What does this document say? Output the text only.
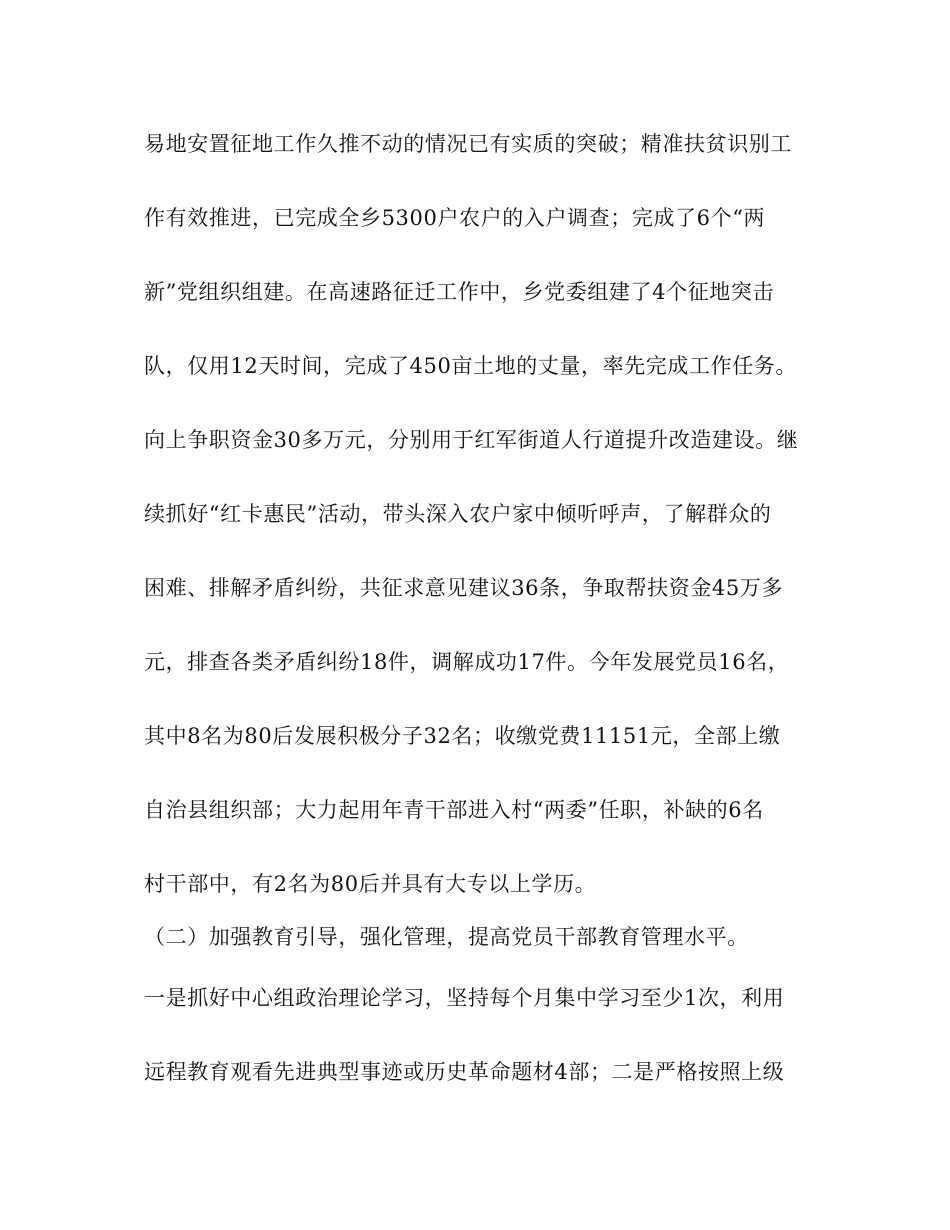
易地安置征地工作久推不动的情况已有实质的突破；精准扶贫识别工
作有效推进，已完成全乡5300户农户的入户调查；完成了6个“两
新”党组织组建。在高速路征迁工作中，乡党委组建了4个征地突击
队，仅用12天时间，完成了450亩土地的丈量，率先完成工作任务。
向上争职资金30多万元，分别用于红军街道人行道提升改造建设。继
续抓好“红卡惠民”活动，带头深入农户家中倾听呼声，了解群众的
困难、排解矛盾纠纷，共征求意见建议36条，争取帮扶资金45万多
元，排查各类矛盾纠纷18件，调解成功17件。今年发展党员16名，
其中8名为80后发展积极分子32名；收缴党费11151元，全部上缴
自治县组织部；大力起用年青干部进入村“两委”任职，补缺的6名
村干部中，有2名为80后并具有大专以上学历。
（二）加强教育引导，强化管理，提高党员干部教育管理水平。
一是抓好中心组政治理论学习，坚持每个月集中学习至少1次，利用
远程教育观看先进典型事迹或历史革命题材4部；二是严格按照上级
